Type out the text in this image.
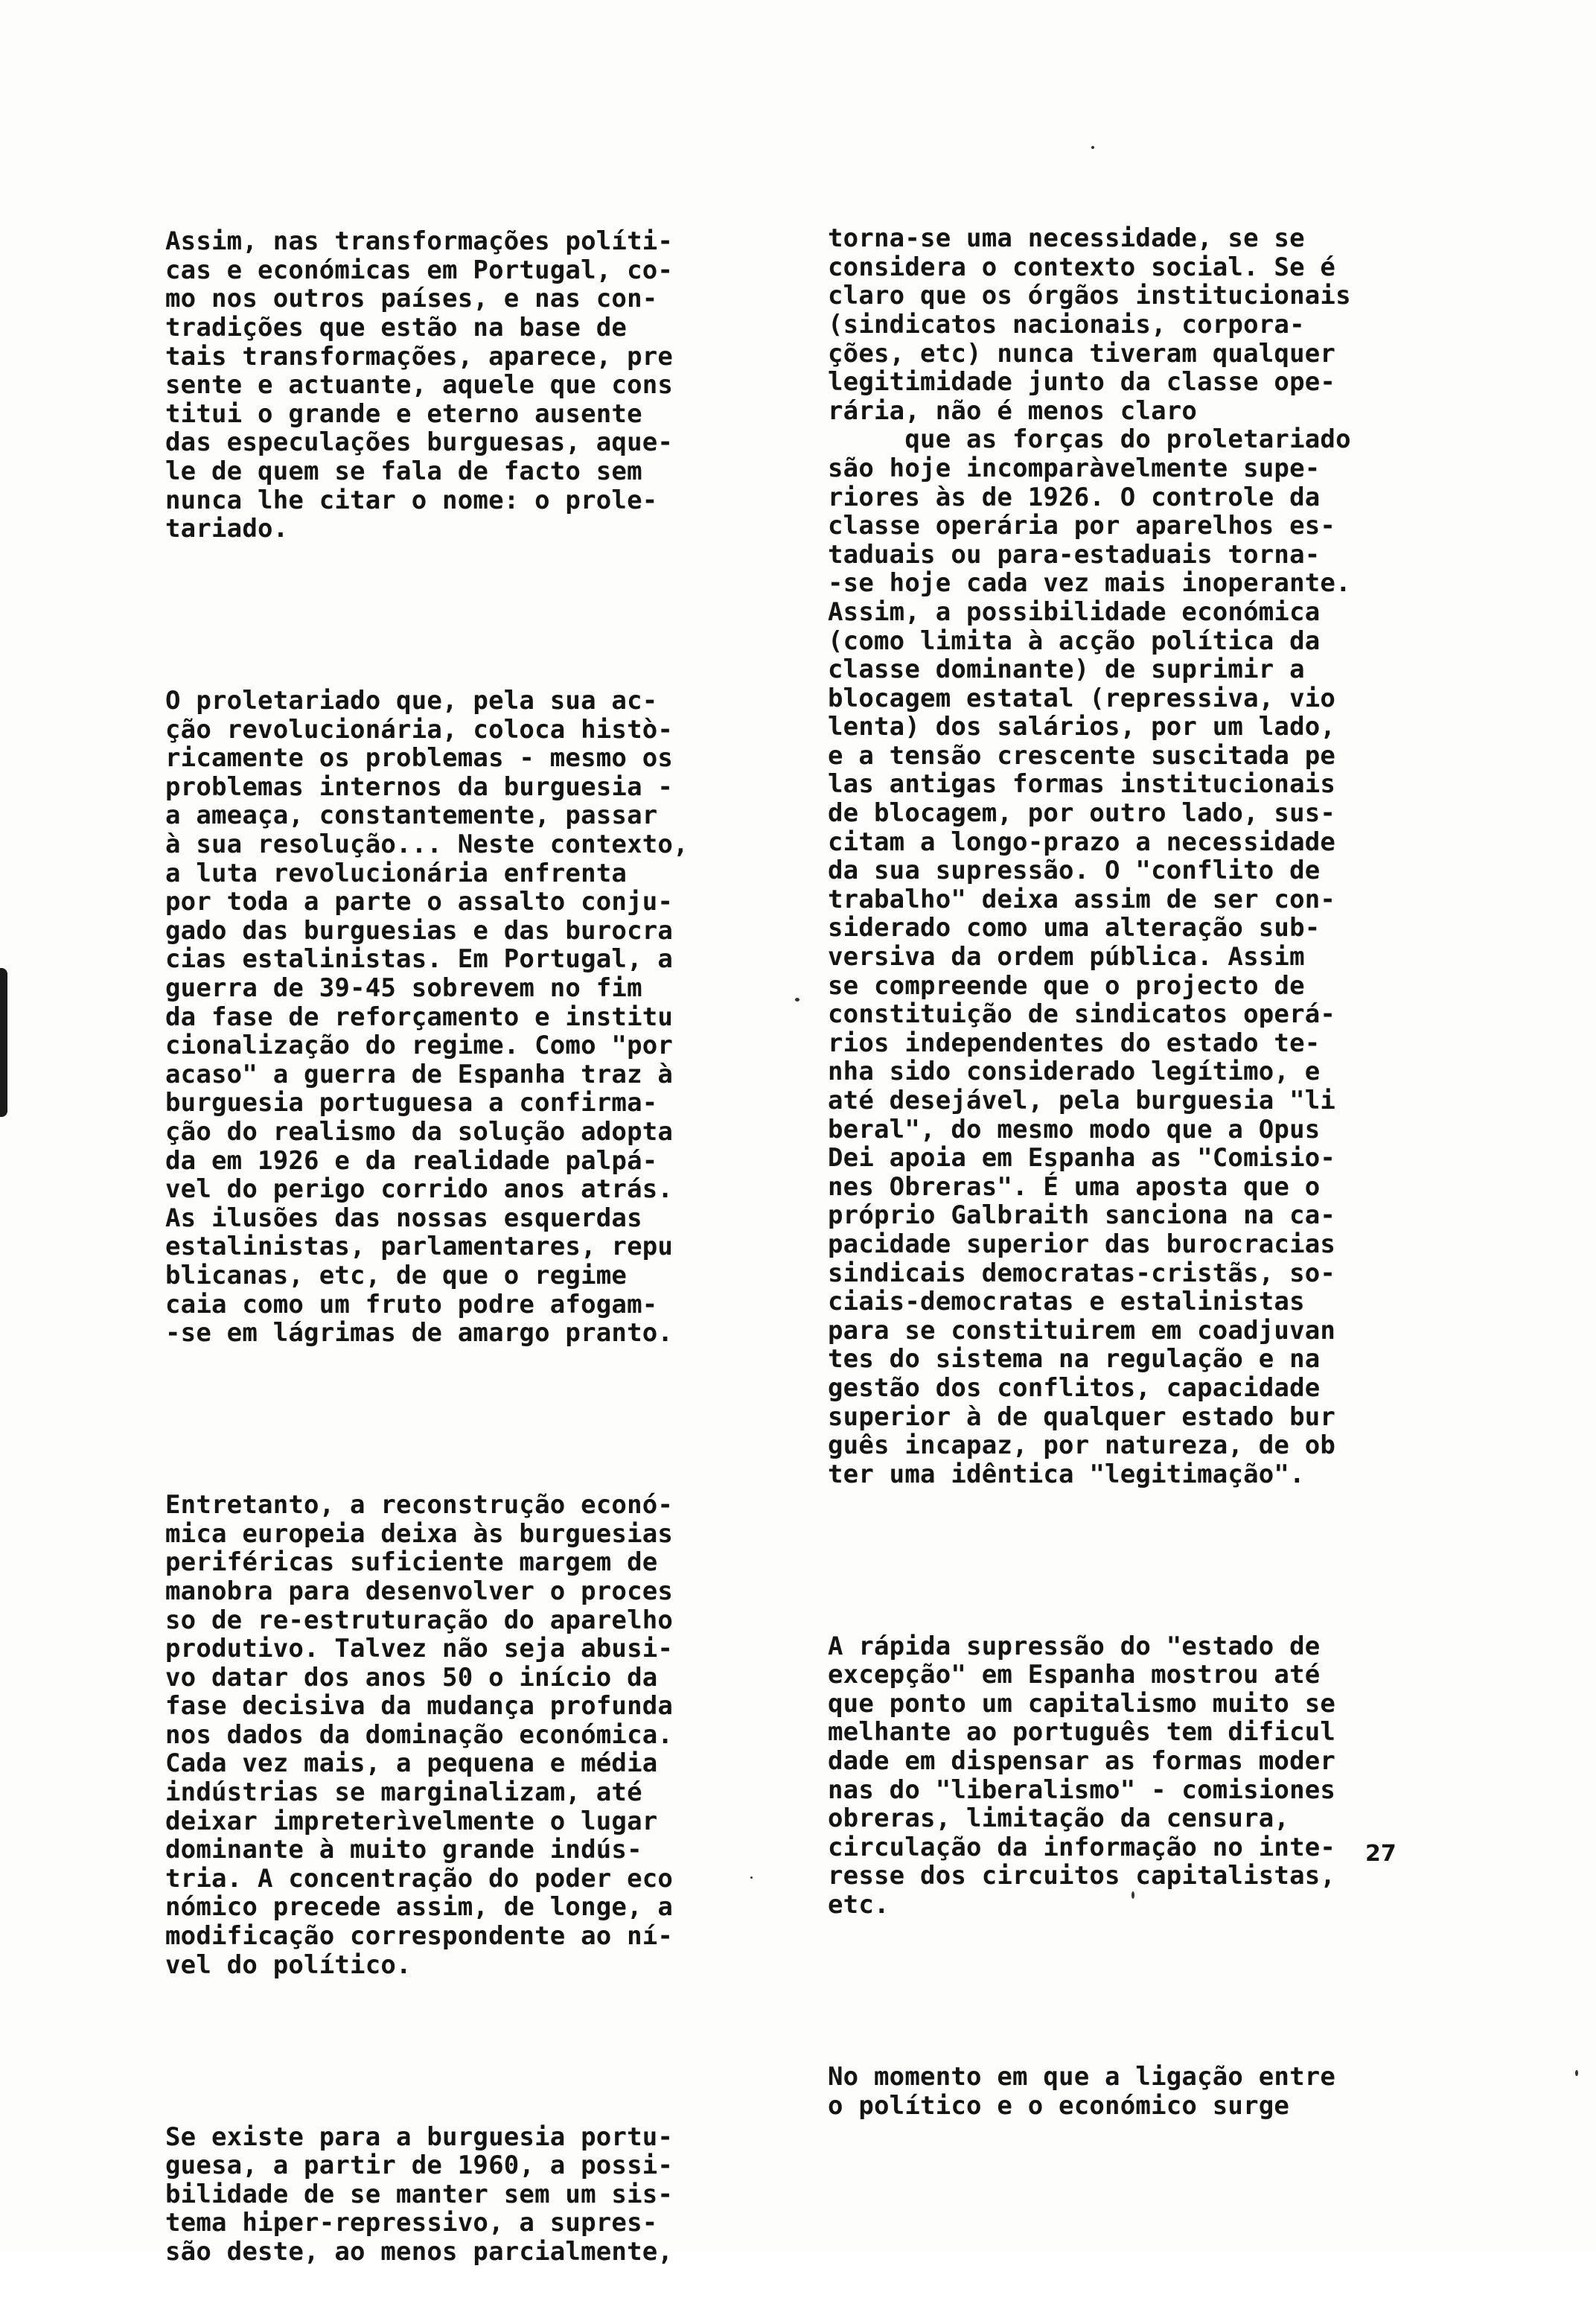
Assim, nas transformações políti-
cas e económicas em Portugal, co-
mo nos outros países, e nas con-
tradições que estão na base de
tais transformações, aparece, pre
sente e actuante, aquele que cons
titui o grande e eterno ausente
das especulações burguesas, aque-
le de quem se fala de facto sem
nunca lhe citar o nome: o prole-
tariado.

O proletariado que, pela sua ac-
ção revolucionária, coloca histò-
ricamente os problemas - mesmo os
problemas internos da burguesia -
a ameaça, constantemente, passar
à sua resolução... Neste contexto,
a luta revolucionária enfrenta
por toda a parte o assalto conju-
gado das burguesias e das burocra
cias estalinistas. Em Portugal, a
guerra de 39-45 sobrevem no fim
da fase de reforçamento e institu
cionalização do regime. Como "por
acaso" a guerra de Espanha traz à
burguesia portuguesa a confirma-
ção do realismo da solução adopta
da em 1926 e da realidade palpá-
vel do perigo corrido anos atrás.
As ilusões das nossas esquerdas
estalinistas, parlamentares, repu
blicanas, etc, de que o regime
caia como um fruto podre afogam-
-se em lágrimas de amargo pranto.

Entretanto, a reconstrução econó-
mica europeia deixa às burguesias
periféricas suficiente margem de
manobra para desenvolver o proces
so de re-estruturação do aparelho
produtivo. Talvez não seja abusi-
vo datar dos anos 50 o início da
fase decisiva da mudança profunda
nos dados da dominação económica.
Cada vez mais, a pequena e média
indústrias se marginalizam, até
deixar impreterìvelmente o lugar
dominante à muito grande indús-
tria. A concentração do poder eco
nómico precede assim, de longe, a
modificação correspondente ao ní-
vel do político.

Se existe para a burguesia portu-
guesa, a partir de 1960, a possi-
bilidade de se manter sem um sis-
tema hiper-repressivo, a supres-
são deste, ao menos parcialmente,

torna-se uma necessidade, se se
considera o contexto social. Se é
claro que os órgãos institucionais
(sindicatos nacionais, corpora-
ções, etc) nunca tiveram qualquer
legitimidade junto da classe ope-
rária, não é menos claro
que as forças do proletariado
são hoje incomparàvelmente supe-
riores às de 1926. O controle da
classe operária por aparelhos es-
taduais ou para-estaduais torna-
-se hoje cada vez mais inoperante.
Assim, a possibilidade económica
(como limita à acção política da
classe dominante) de suprimir a
blocagem estatal (repressiva, vio
lenta) dos salários, por um lado,
e a tensão crescente suscitada pe
las antigas formas institucionais
de blocagem, por outro lado, sus-
citam a longo-prazo a necessidade
da sua supressão. O "conflito de
trabalho" deixa assim de ser con-
siderado como uma alteração sub-
versiva da ordem pública. Assim
se compreende que o projecto de
constituição de sindicatos operá-
rios independentes do estado te-
nha sido considerado legítimo, e
até desejável, pela burguesia "li
beral", do mesmo modo que a Opus
Dei apoia em Espanha as "Comisio-
nes Obreras". É uma aposta que o
próprio Galbraith sanciona na ca-
pacidade superior das burocracias
sindicais democratas-cristãs, so-
ciais-democratas e estalinistas
para se constituirem em coadjuvan
tes do sistema na regulação e na
gestão dos conflitos, capacidade
superior à de qualquer estado bur
guês incapaz, por natureza, de ob
ter uma idêntica "legitimação".

A rápida supressão do "estado de
excepção" em Espanha mostrou até
que ponto um capitalismo muito se
melhante ao português tem dificul
dade em dispensar as formas moder
nas do "liberalismo" - comisiones
obreras, limitação da censura,
circulação da informação no inte-
resse dos circuitos capitalistas,
etc.

No momento em que a ligação entre
o político e o económico surge

27
